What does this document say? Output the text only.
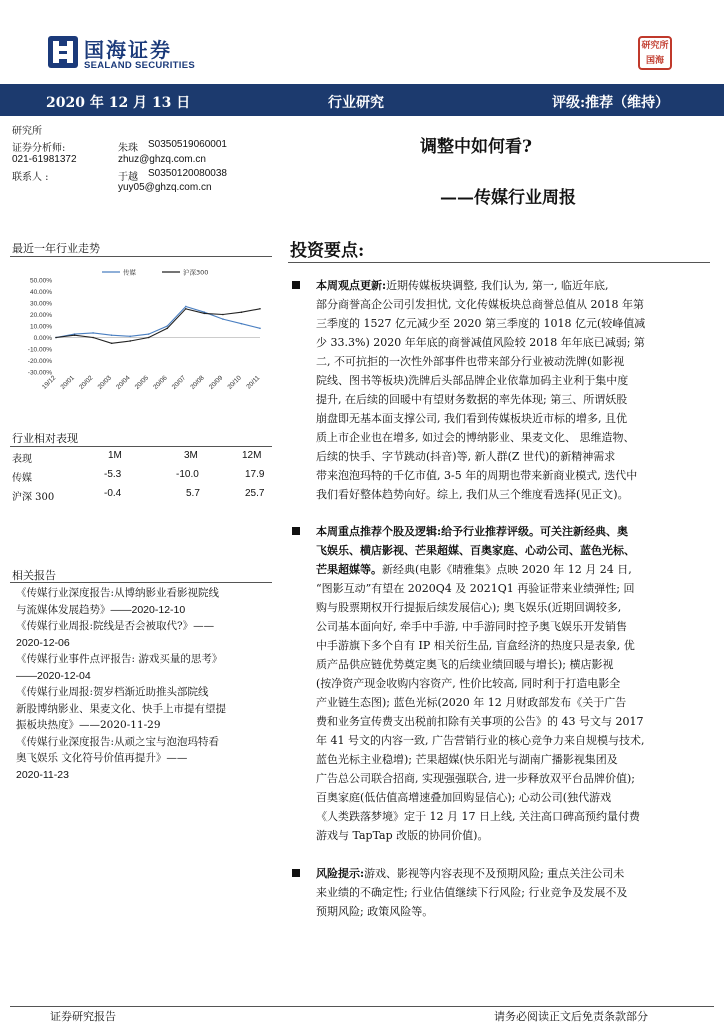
国海证券
SEALAND SECURITIES
研究所
国海
2020 年 12 月 13 日	行业研究	评级:推荐（维持）
研究所
证券分析师:	朱珠 S0350519060001
021-61981372	zhuz@ghzq.com.cn
联系人 :	于越 S0350120080038
yuy05@ghzq.com.cn
调整中如何看?
——传媒行业周报
最近一年行业走势
50.00%
40.00%
30.00%
20.00%
10.00%
0.00%
-10.00%
-20.00%
-30.00%
19/12 20/01 20/02 20/03 20/04 20/05 20/06 20/07 20/08 20/09 20/10 20/11
传媒	沪深300
行业相对表现
表现	1M	3M	12M
传媒	-5.3	-10.0	17.9
沪深 300	-0.4	5.7	25.7
相关报告
《传媒行业深度报告:从博纳影业看影视院线
与流媒体发展趋势》——2020-12-10
《传媒行业周报:院线是否会被取代?》——
2020-12-06
《传媒行业事件点评报告: 游戏买量的思考》
——2020-12-04
《传媒行业周报:贺岁档渐近助推头部院线
新股博纳影业、果麦文化、快手上市提有望提
振板块热度》——2020-11-29
《传媒行业深度报告:从顽之宝与泡泡玛特看
奥飞娱乐 文化符号价值再提升》——
2020-11-23
投资要点:
本周观点更新:近期传媒板块调整, 我们认为, 第一, 临近年底,
部分商誉高企公司引发担忧, 文化传媒板块总商誉总值从 2018 年第
三季度的 1527 亿元减少至 2020 第三季度的 1018 亿元(较峰值减
少 33.3%) 2020 年年底的商誉减值风险较 2018 年年底已减弱; 第
二, 不可抗拒的一次性外部事件也带来部分行业被动洗牌(如影视
院线、图书等板块)洗牌后头部品牌企业依靠加码主业利于集中度
提升, 在后续的回暖中有望财务数据的率先体现; 第三、所谓妖股
崩盘即无基本面支撑公司, 我们看到传媒板块近市标的增多, 且优
质上市企业也在增多, 如过会的博纳影业、果麦文化、 思维造物、
后续的快手、字节跳动(抖音)等, 新人群(Z 世代)的新精神需求
带来泡泡玛特的千亿市值, 3-5 年的周期也带来新商业模式, 迭代中
我们看好整体趋势向好。综上, 我们从三个维度看选择(见正文)。
本周重点推荐个股及逻辑:给予行业推荐评级。可关注新经典、奥
飞娱乐、横店影视、芒果超媒、百奥家庭、心动公司、蓝色光标、
芒果超媒等。新经典(电影《晴雅集》点映 2020 年 12 月 24 日,
“图影互动”有望在 2020Q4 及 2021Q1 再验证带来业绩弹性; 回
购与股票期权开行提振后续发展信心); 奥飞娱乐(近期回调较多,
公司基本面向好, 牵手中手游, 中手游同时控予奥飞娱乐开发销售
中手游旗下多个自有 IP 相关衍生品, 盲盒经济的热度只是表象, 优
质产品供应链优势奠定奥飞的后续业绩回暖与增长); 横店影视
(按净资产现金收购内容资产, 性价比较高, 同时利于打造电影全
产业链生态图); 蓝色光标(2020 年 12 月财政部发布《关于广告
费和业务宣传费支出税前扣除有关事项的公告》的 43 号文与 2017
年 41 号文的内容一致, 广告营销行业的核心竞争力来自规模与技术,
蓝色光标主业稳增); 芒果超媒(快乐阳光与湖南广播影视集团及
广告总公司联合招商, 实现强强联合, 进一步释放双平台品牌价值);
百奥家庭(低估值高增速叠加回购显信心); 心动公司(独代游戏
《人类跌落梦境》定于 12 月 17 日上线, 关注高口碑高预约量付费
游戏与 TapTap 改版的协同价值)。
风险提示:游戏、影视等内容表现不及预期风险; 重点关注公司未
来业绩的不确定性; 行业估值继续下行风险; 行业竞争及发展不及
预期风险; 政策风险等。
证券研究报告	请务必阅读正文后免责条款部分
